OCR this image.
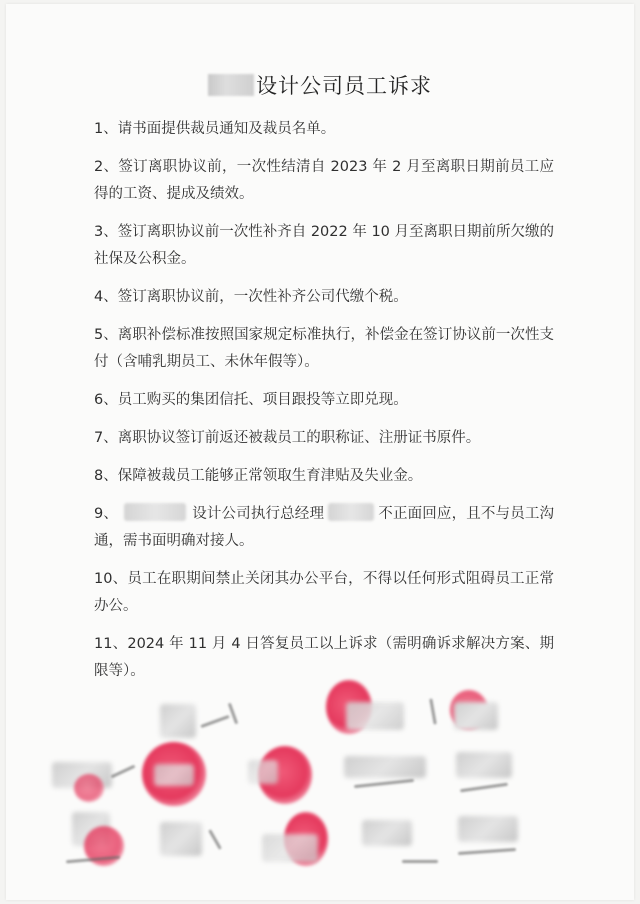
设计公司员工诉求
1、请书面提供裁员通知及裁员名单。
2、签订离职协议前，一次性结清自 2023 年 2 月至离职日期前员工应得的工资、提成及绩效。
3、签订离职协议前一次性补齐自 2022 年 10 月至离职日期前所欠缴的社保及公积金。
4、签订离职协议前，一次性补齐公司代缴个税。
5、离职补偿标准按照国家规定标准执行，补偿金在签订协议前一次性支付（含哺乳期员工、未休年假等）。
6、员工购买的集团信托、项目跟投等立即兑现。
7、离职协议签订前返还被裁员工的职称证、注册证书原件。
8、保障被裁员工能够正常领取生育津贴及失业金。
9、	设计公司执行总经理	不正面回应，且不与员工沟通，需书面明确对接人。
10、员工在职期间禁止关闭其办公平台，不得以任何形式阻碍员工正常办公。
11、2024 年 11 月 4 日答复员工以上诉求（需明确诉求解决方案、期限等）。
